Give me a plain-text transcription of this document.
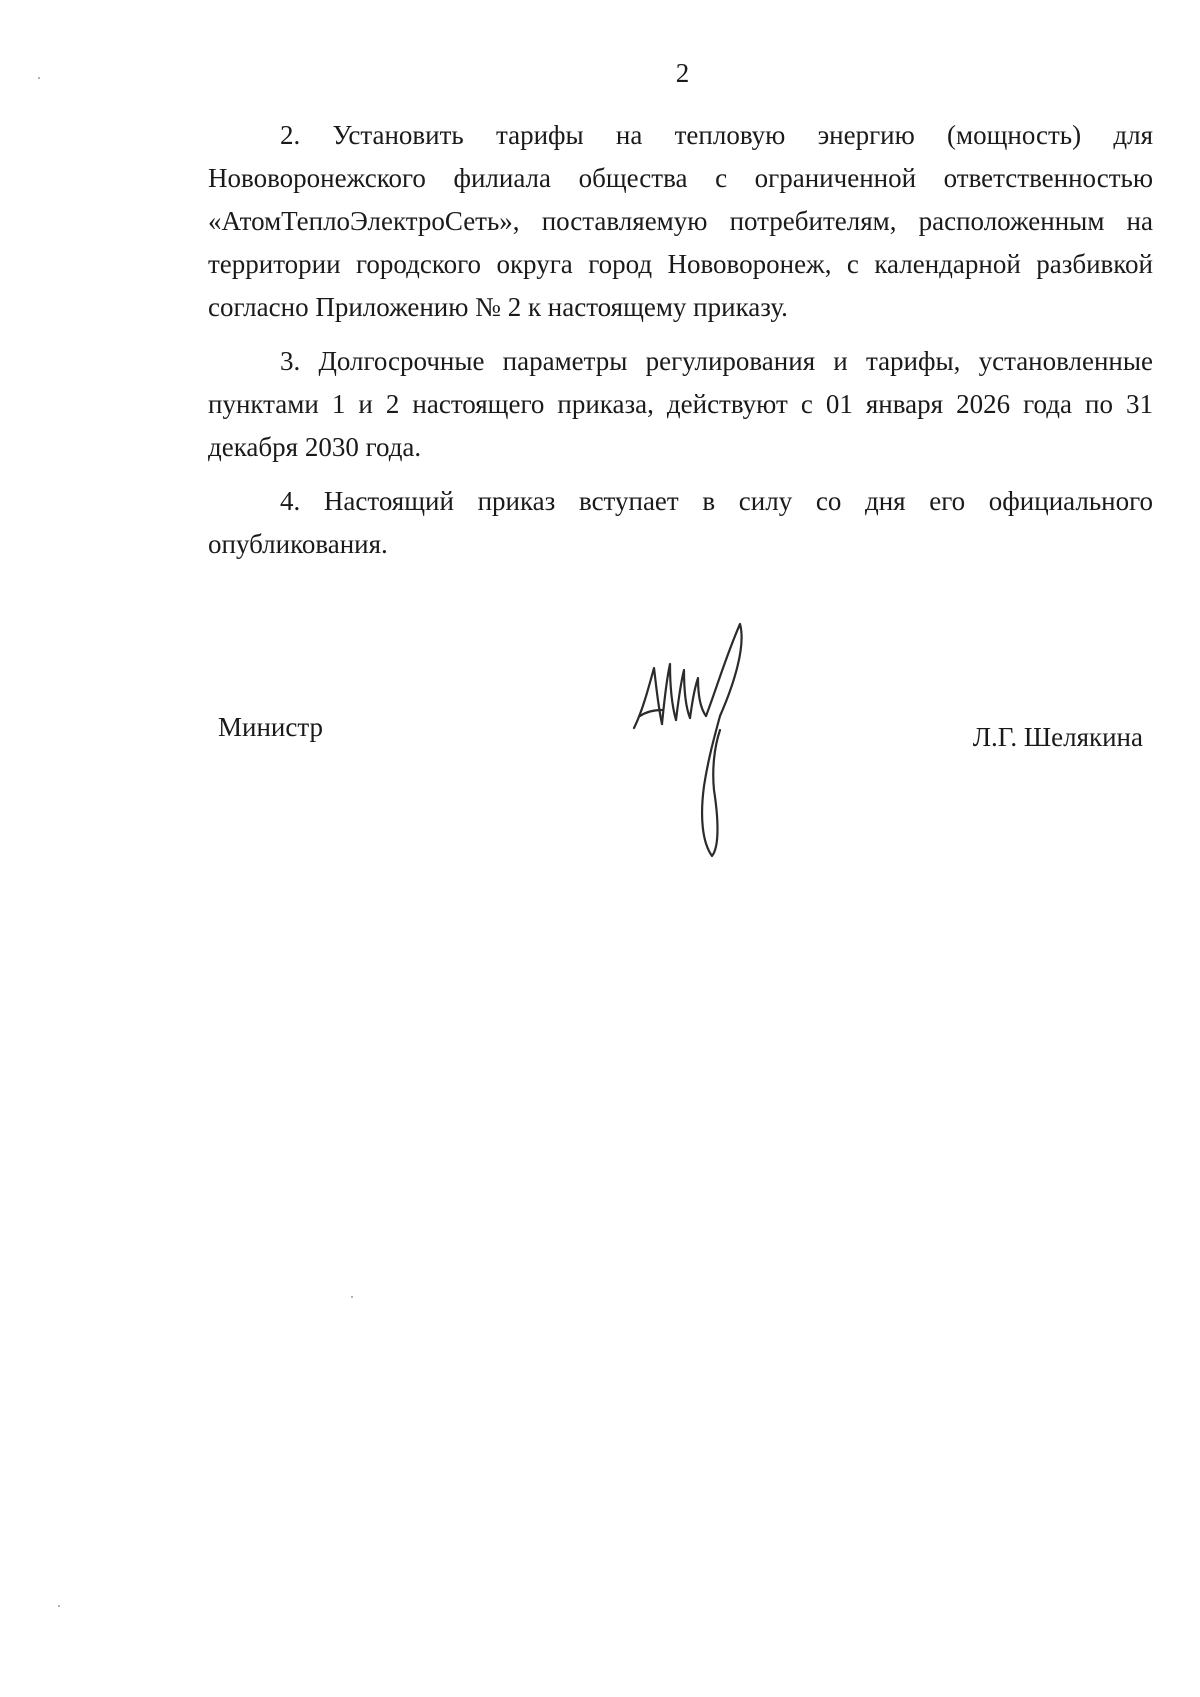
2

2. Установить тарифы на тепловую энергию (мощность) для Нововоронежского филиала общества с ограниченной ответственностью «АтомТеплоЭлектроСеть», поставляемую потребителям, расположенным на территории городского округа город Нововоронеж, с календарной разбивкой согласно Приложению № 2 к настоящему приказу.

3. Долгосрочные параметры регулирования и тарифы, установленные пунктами 1 и 2 настоящего приказа, действуют с 01 января 2026 года по 31 декабря 2030 года.

4. Настоящий приказ вступает в силу со дня его официального опубликования.

Министр	Л.Г. Шелякина
